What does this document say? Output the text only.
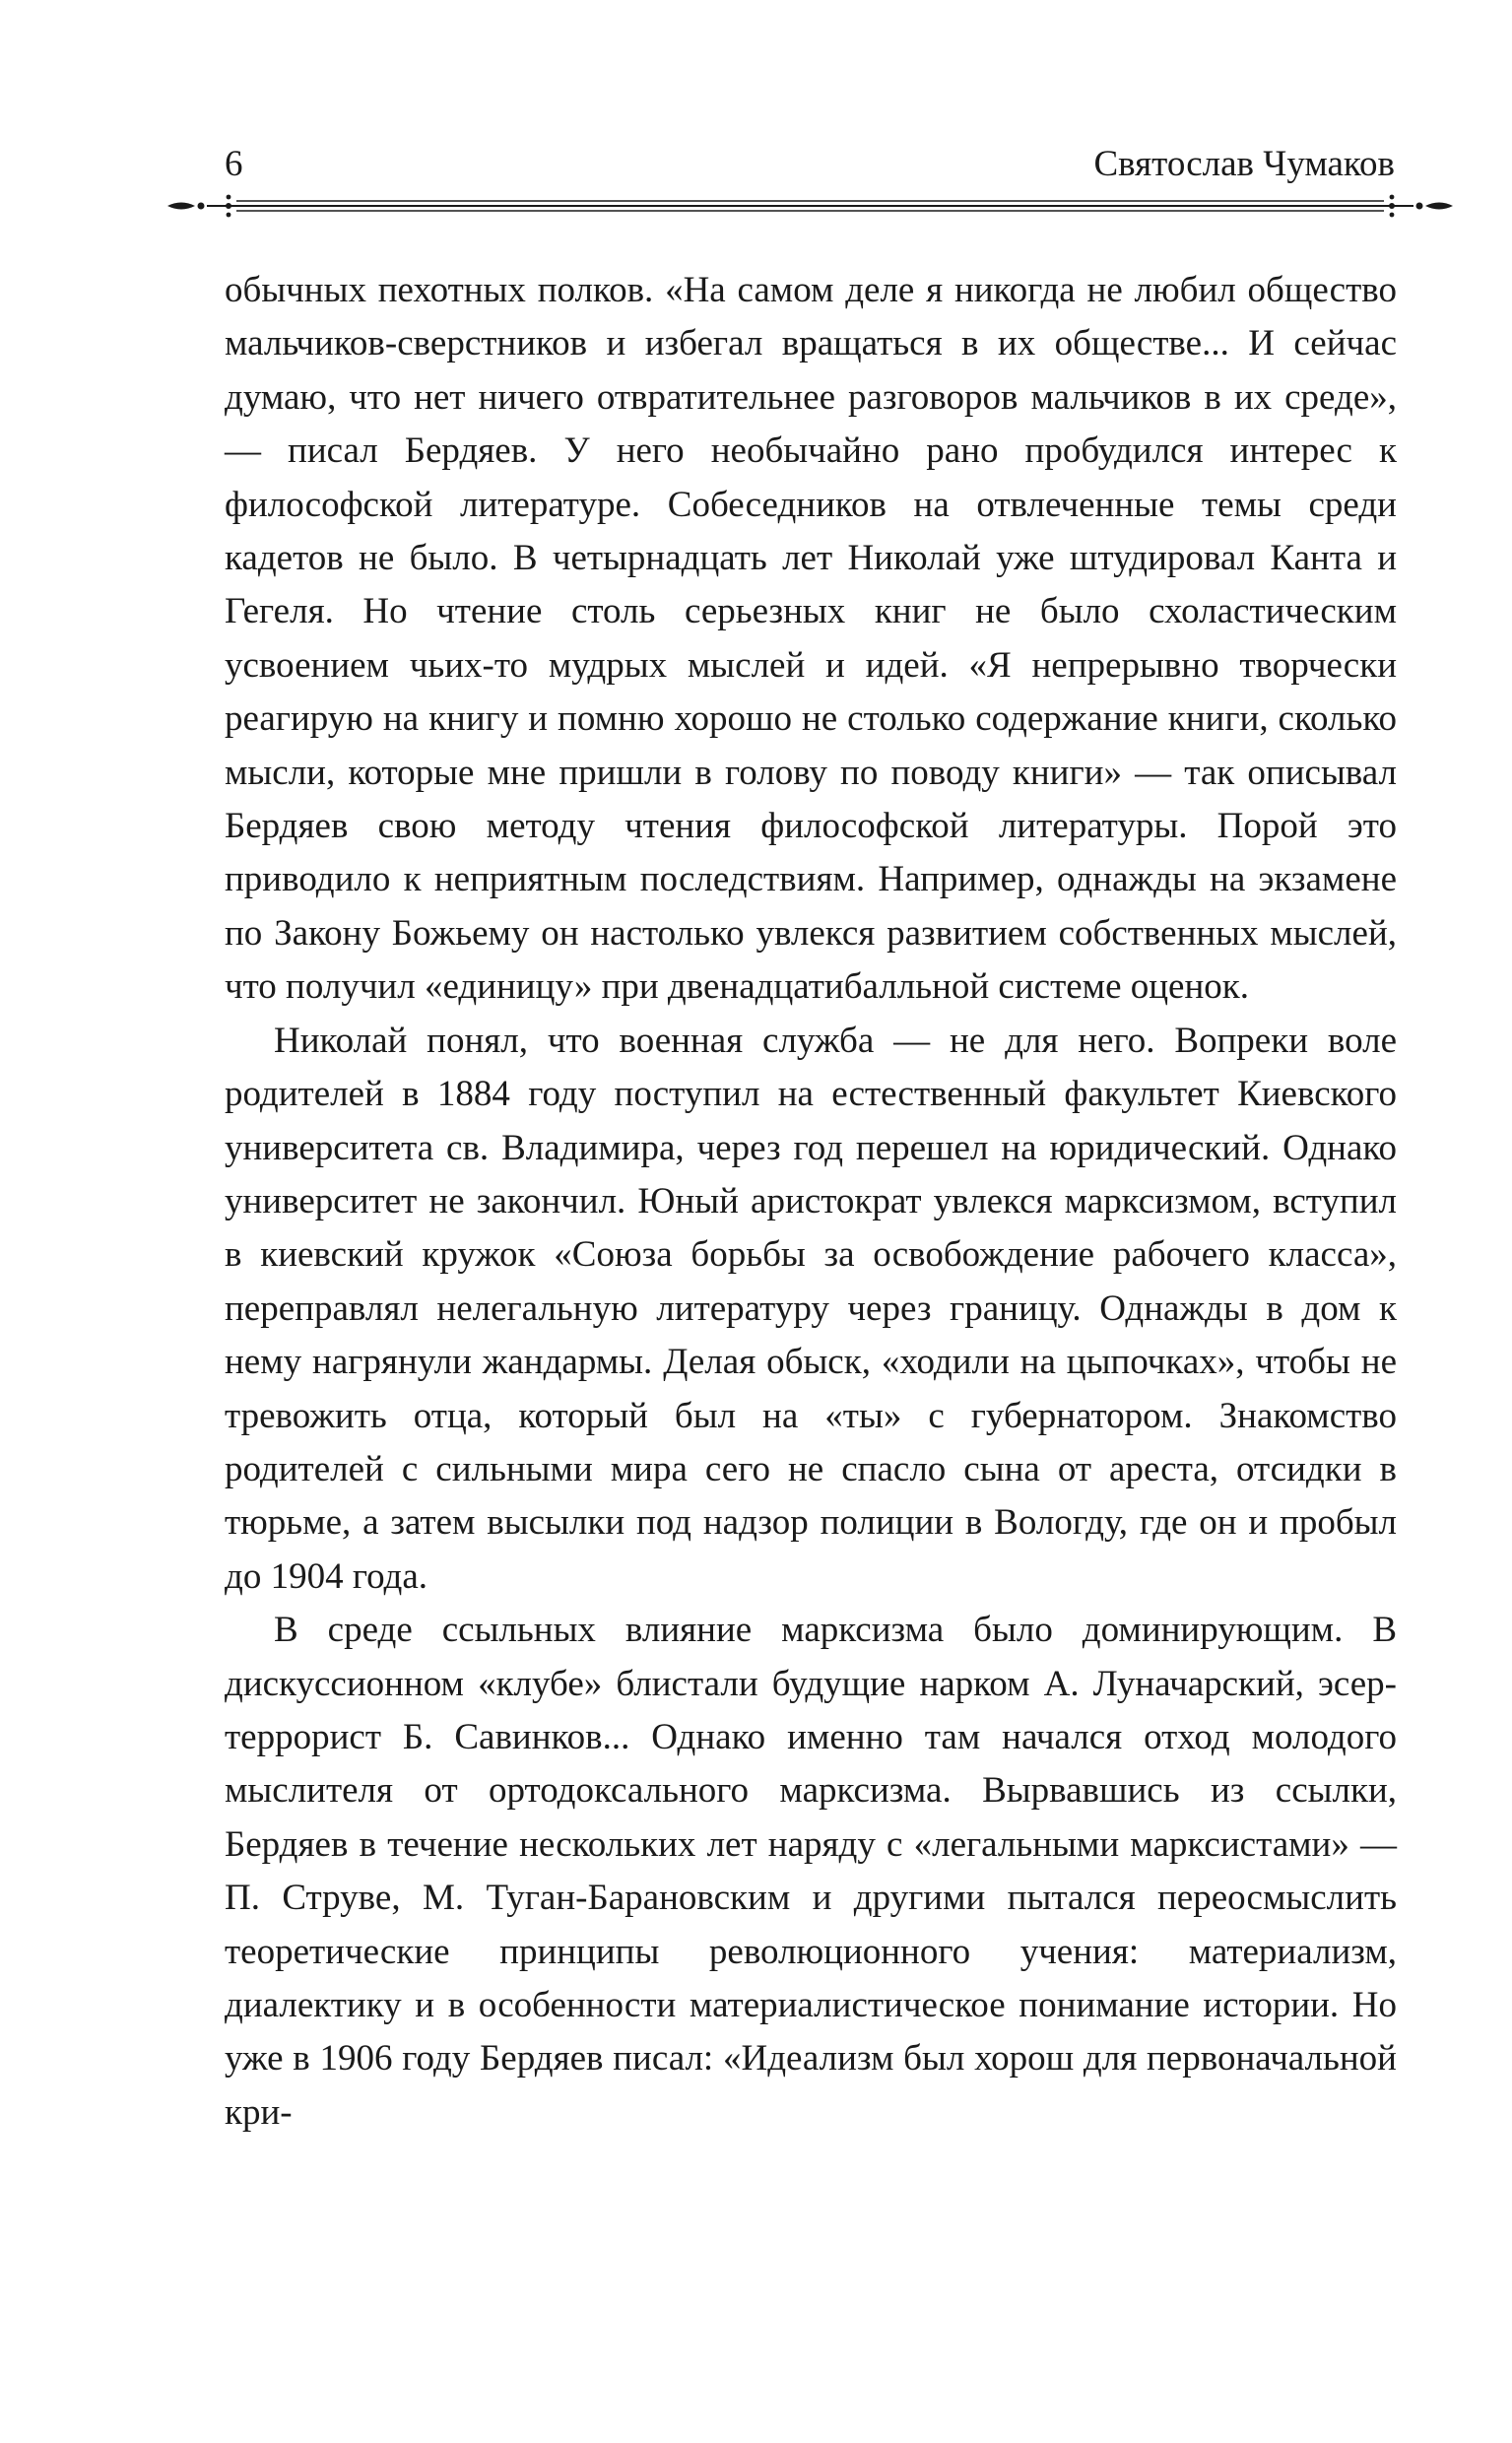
6	Святослав Чумаков

обычных пехотных полков. «На самом деле я никогда не любил общество мальчиков-сверстников и избегал вращаться в их обществе... И сейчас думаю, что нет ничего отвратительнее разговоров мальчиков в их среде», — писал Бердяев. У него необычайно рано пробудился интерес к философской литературе. Собеседников на отвлеченные темы среди кадетов не было. В четырнадцать лет Николай уже штудировал Канта и Гегеля. Но чтение столь серьезных книг не было схоластическим усвоением чьих-то мудрых мыслей и идей. «Я непрерывно творчески реагирую на книгу и помню хорошо не столько содержание книги, сколько мысли, которые мне пришли в голову по поводу книги» — так описывал Бердяев свою методу чтения философской литературы. Порой это приводило к неприятным последствиям. Например, однажды на экзамене по Закону Божьему он настолько увлекся развитием собственных мыслей, что получил «единицу» при двенадцатибалльной системе оценок.

Николай понял, что военная служба — не для него. Вопреки воле родителей в 1884 году поступил на естественный факультет Киевского университета св. Владимира, через год перешел на юридический. Однако университет не закончил. Юный аристократ увлекся марксизмом, вступил в киевский кружок «Союза борьбы за освобождение рабочего класса», переправлял нелегальную литературу через границу. Однажды в дом к нему нагрянули жандармы. Делая обыск, «ходили на цыпочках», чтобы не тревожить отца, который был на «ты» с губернатором. Знакомство родителей с сильными мира сего не спасло сына от ареста, отсидки в тюрьме, а затем высылки под надзор полиции в Вологду, где он и пробыл до 1904 года.

В среде ссыльных влияние марксизма было доминирующим. В дискуссионном «клубе» блистали будущие нарком А. Луначарский, эсер-террорист Б. Савинков... Однако именно там начался отход молодого мыслителя от ортодоксального марксизма. Вырвавшись из ссылки, Бердяев в течение нескольких лет наряду с «легальными марксистами» — П. Струве, М. Туган-Барановским и другими пытался переосмыслить теоретические принципы революционного учения: материализм, диалектику и в особенности материалистическое понимание истории. Но уже в 1906 году Бердяев писал: «Идеализм был хорош для первоначальной кри-
